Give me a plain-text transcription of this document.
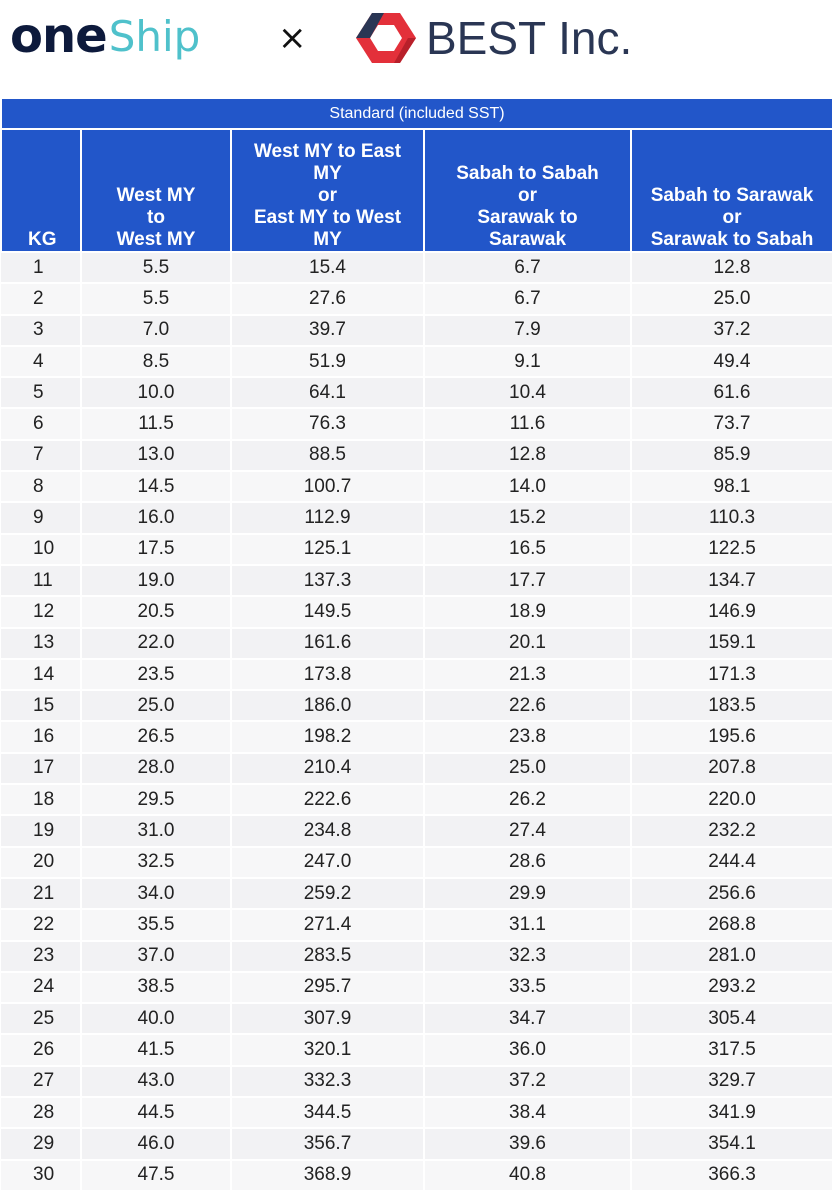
one Ship ×	BEST Inc.
Standard (included SST)				
KG	West MY
to
West MY	West MY to East
MY
or
East MY to West
MY	Sabah to Sabah
or
Sarawak to
Sarawak	Sabah to Sarawak
or
Sarawak to Sabah

1	5.5	15.4	6.7	12.8
2	5.5	27.6	6.7	25.0
3	7.0	39.7	7.9	37.2
4	8.5	51.9	9.1	49.4
5	10.0	64.1	10.4	61.6
6	11.5	76.3	11.6	73.7
7	13.0	88.5	12.8	85.9
8	14.5	100.7	14.0	98.1
9	16.0	112.9	15.2	110.3
10	17.5	125.1	16.5	122.5
11	19.0	137.3	17.7	134.7
12	20.5	149.5	18.9	146.9
13	22.0	161.6	20.1	159.1
14	23.5	173.8	21.3	171.3
15	25.0	186.0	22.6	183.5
16	26.5	198.2	23.8	195.6
17	28.0	210.4	25.0	207.8
18	29.5	222.6	26.2	220.0
19	31.0	234.8	27.4	232.2
20	32.5	247.0	28.6	244.4
21	34.0	259.2	29.9	256.6
22	35.5	271.4	31.1	268.8
23	37.0	283.5	32.3	281.0
24	38.5	295.7	33.5	293.2
25	40.0	307.9	34.7	305.4
26	41.5	320.1	36.0	317.5
27	43.0	332.3	37.2	329.7
28	44.5	344.5	38.4	341.9
29	46.0	356.7	39.6	354.1
30	47.5	368.9	40.8	366.3
